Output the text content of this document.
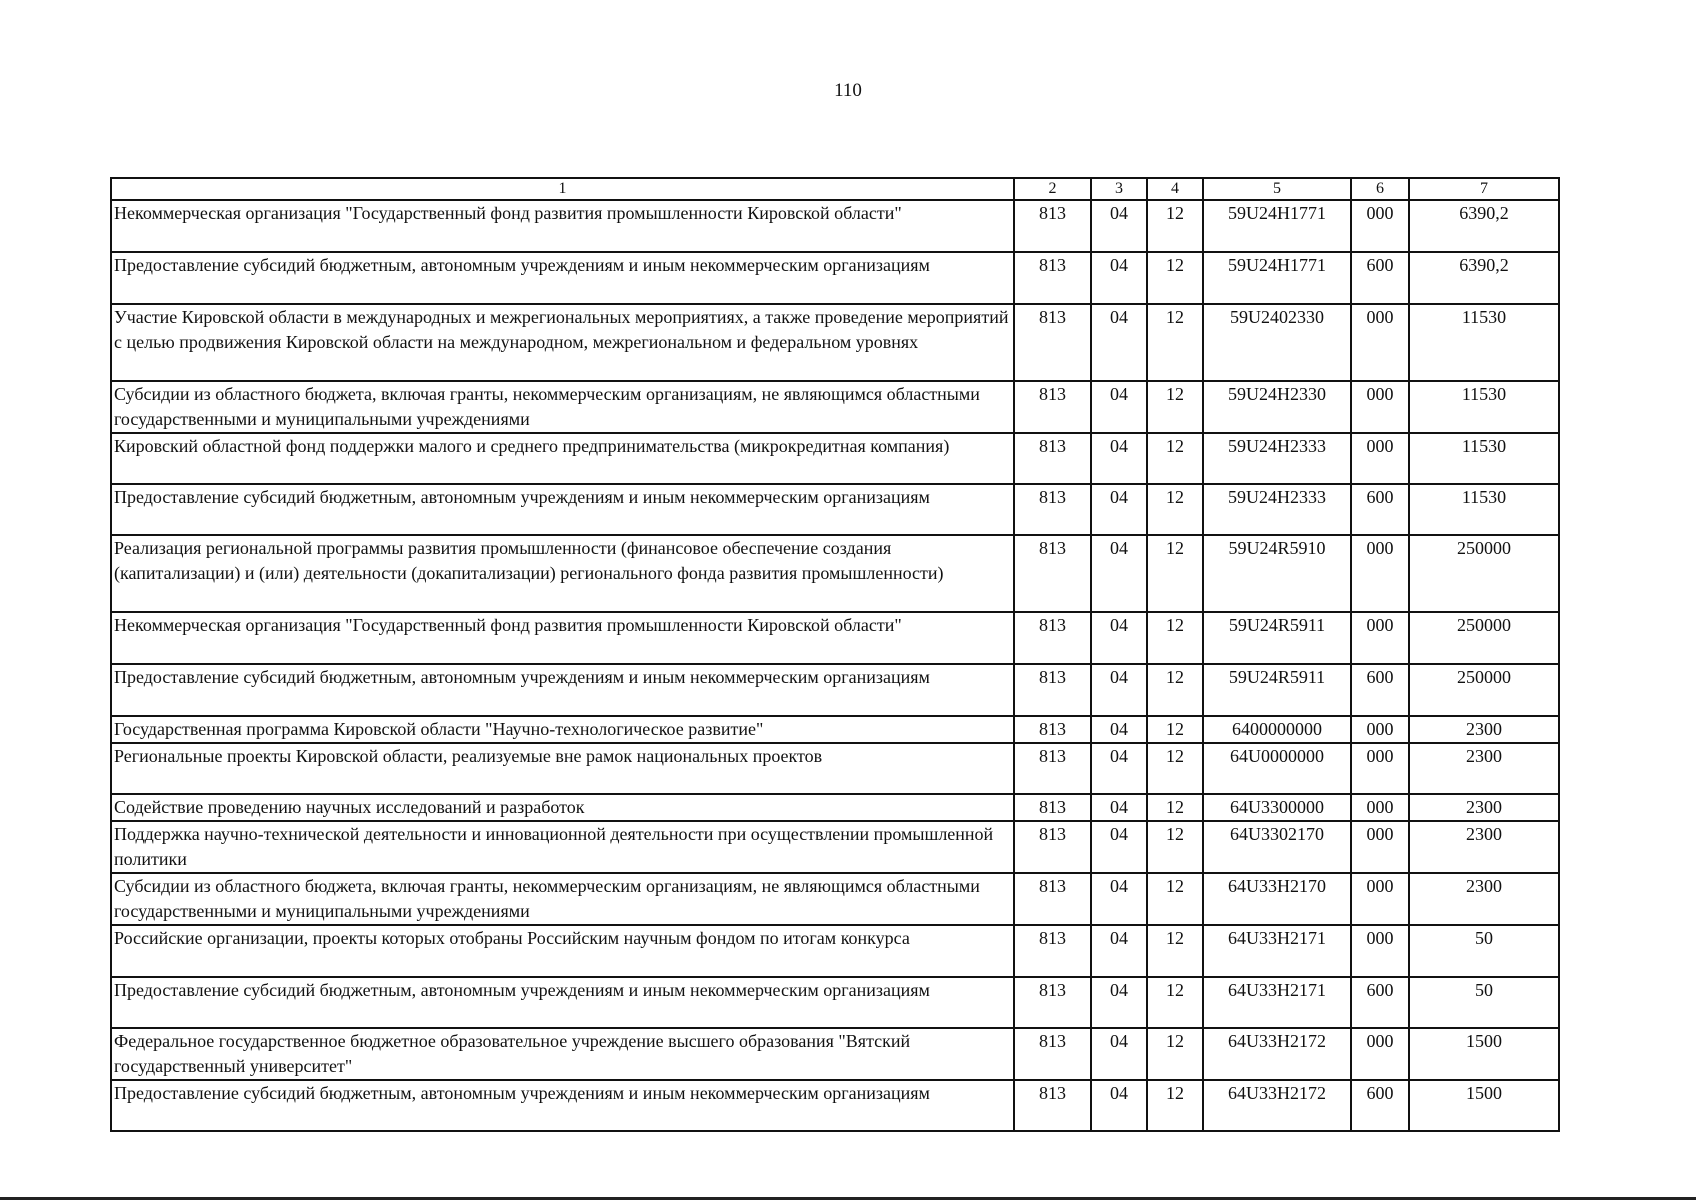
110
1	2	3	4	5	6	7
Некоммерческая организация "Государственный фонд развития промышленности Кировской области"	813	04	12	59U24H1771	000	6390,2
Предоставление субсидий бюджетным, автономным учреждениям и иным некоммерческим организациям	813	04	12	59U24H1771	600	6390,2
Участие Кировской области в международных и межрегиональных мероприятиях, а также проведение мероприятий с целью продвижения Кировской области на международном, межрегиональном и федеральном уровнях	813	04	12	59U2402330	000	11530
Субсидии из областного бюджета, включая гранты, некоммерческим организациям, не являющимся областными государственными и муниципальными учреждениями	813	04	12	59U24H2330	000	11530
Кировский областной фонд поддержки малого и среднего предпринимательства (микрокредитная компания)	813	04	12	59U24H2333	000	11530
Предоставление субсидий бюджетным, автономным учреждениям и иным некоммерческим организациям	813	04	12	59U24H2333	600	11530
Реализация региональной программы развития промышленности (финансовое обеспечение создания (капитализации) и (или) деятельности (докапитализации) регионального фонда развития промышленности)	813	04	12	59U24R5910	000	250000
Некоммерческая организация "Государственный фонд развития промышленности Кировской области"	813	04	12	59U24R5911	000	250000
Предоставление субсидий бюджетным, автономным учреждениям и иным некоммерческим организациям	813	04	12	59U24R5911	600	250000
Государственная программа Кировской области "Научно-технологическое развитие"	813	04	12	6400000000	000	2300
Региональные проекты Кировской области, реализуемые вне рамок национальных проектов	813	04	12	64U0000000	000	2300
Содействие проведению научных исследований и разработок	813	04	12	64U3300000	000	2300
Поддержка научно-технической деятельности и инновационной деятельности при осуществлении промышленной политики	813	04	12	64U3302170	000	2300
Субсидии из областного бюджета, включая гранты, некоммерческим организациям, не являющимся областными государственными и муниципальными учреждениями	813	04	12	64U33H2170	000	2300
Российские организации, проекты которых отобраны Российским научным фондом по итогам конкурса	813	04	12	64U33H2171	000	50
Предоставление субсидий бюджетным, автономным учреждениям и иным некоммерческим организациям	813	04	12	64U33H2171	600	50
Федеральное государственное бюджетное образовательное учреждение высшего образования "Вятский государственный университет"	813	04	12	64U33H2172	000	1500
Предоставление субсидий бюджетным, автономным учреждениям и иным некоммерческим организациям	813	04	12	64U33H2172	600	1500
